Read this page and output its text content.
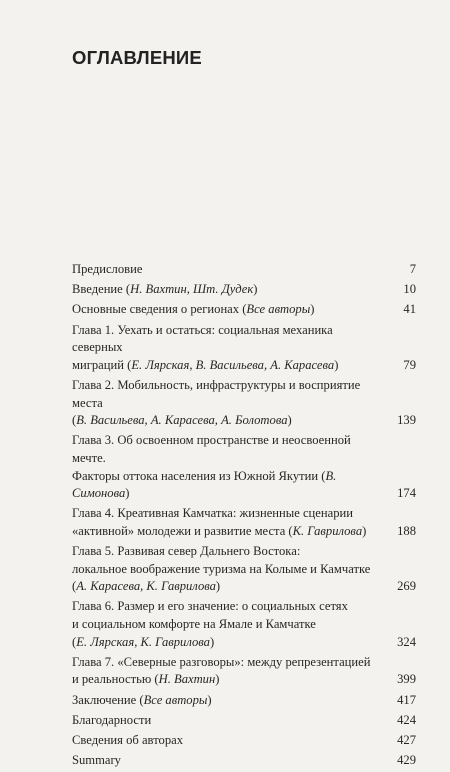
ОГЛАВЛЕНИЕ
Предисловие	7
Введение (Н. Вахтин, Шт. Дудек)	10
Основные сведения о регионах (Все авторы)	41
Глава 1. Уехать и остаться: социальная механика северных
миграций (Е. Лярская, В. Васильева, А. Карасева)	79
Глава 2. Мобильность, инфраструктуры и восприятие места
(В. Васильева, А. Карасева, А. Болотова)	139
Глава 3. Об освоенном пространстве и неосвоенной мечте.
Факторы оттока населения из Южной Якутии (В. Симонова)	174
Глава 4. Креативная Камчатка: жизненные сценарии
«активной» молодежи и развитие места (К. Гаврилова)	188
Глава 5. Развивая север Дальнего Востока:
локальное воображение туризма на Колыме и Камчатке
(А. Карасева, К. Гаврилова)	269
Глава 6. Размер и его значение: о социальных сетях
и социальном комфорте на Ямале и Камчатке
(Е. Лярская, К. Гаврилова)	324
Глава 7. «Северные разговоры»: между репрезентацией
и реальностью (Н. Вахтин)	399
Заключение (Все авторы)	417
Благодарности	424
Сведения об авторах	427
Summary	429
